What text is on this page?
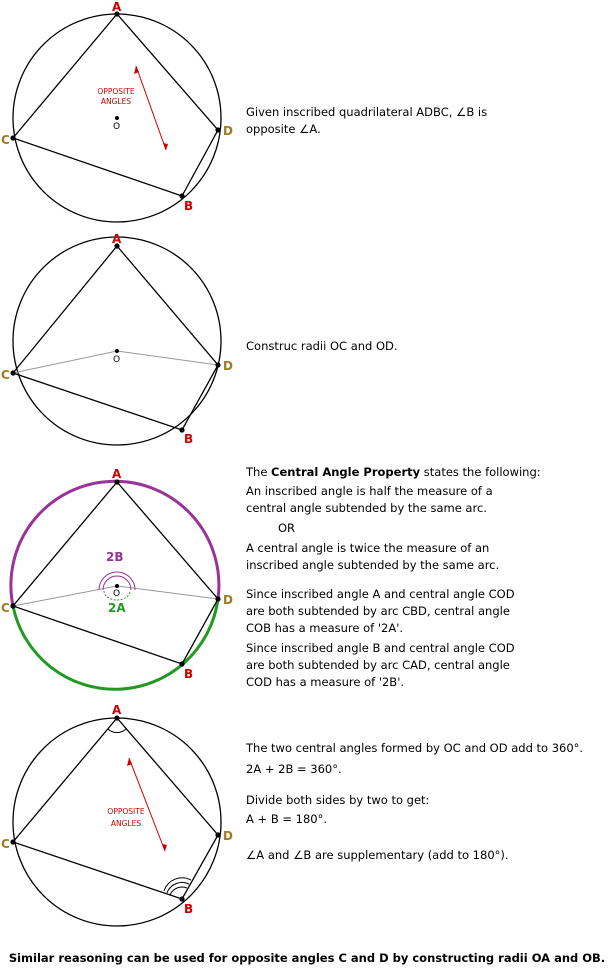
A
D
B
C
O
OPPOSITE
ANGLES
A
D
B
C
O
A
D
B
C
O
2B
2A
A
D
B
C
OPPOSITE
ANGLES
Given inscribed quadrilateral ADBC, ∠B is
opposite ∠A.
Construc radii OC and OD.
The Central Angle Property states the following:
An inscribed angle is half the measure of a
central angle subtended by the same arc.
OR
A central angle is twice the measure of an
inscribed angle subtended by the same arc.
Since inscribed angle A and central angle COD
are both subtended by arc CBD, central angle
COB has a measure of '2A'.
Since inscribed angle B and central angle COD
are both subtended by arc CAD, central angle
COD has a measure of '2B'.
The two central angles formed by OC and OD add to 360°.
2A + 2B = 360°.
Divide both sides by two to get:
A + B = 180°.
∠A and ∠B are supplementary (add to 180°).
Similar reasoning can be used for opposite angles C and D by constructing radii OA and OB.
